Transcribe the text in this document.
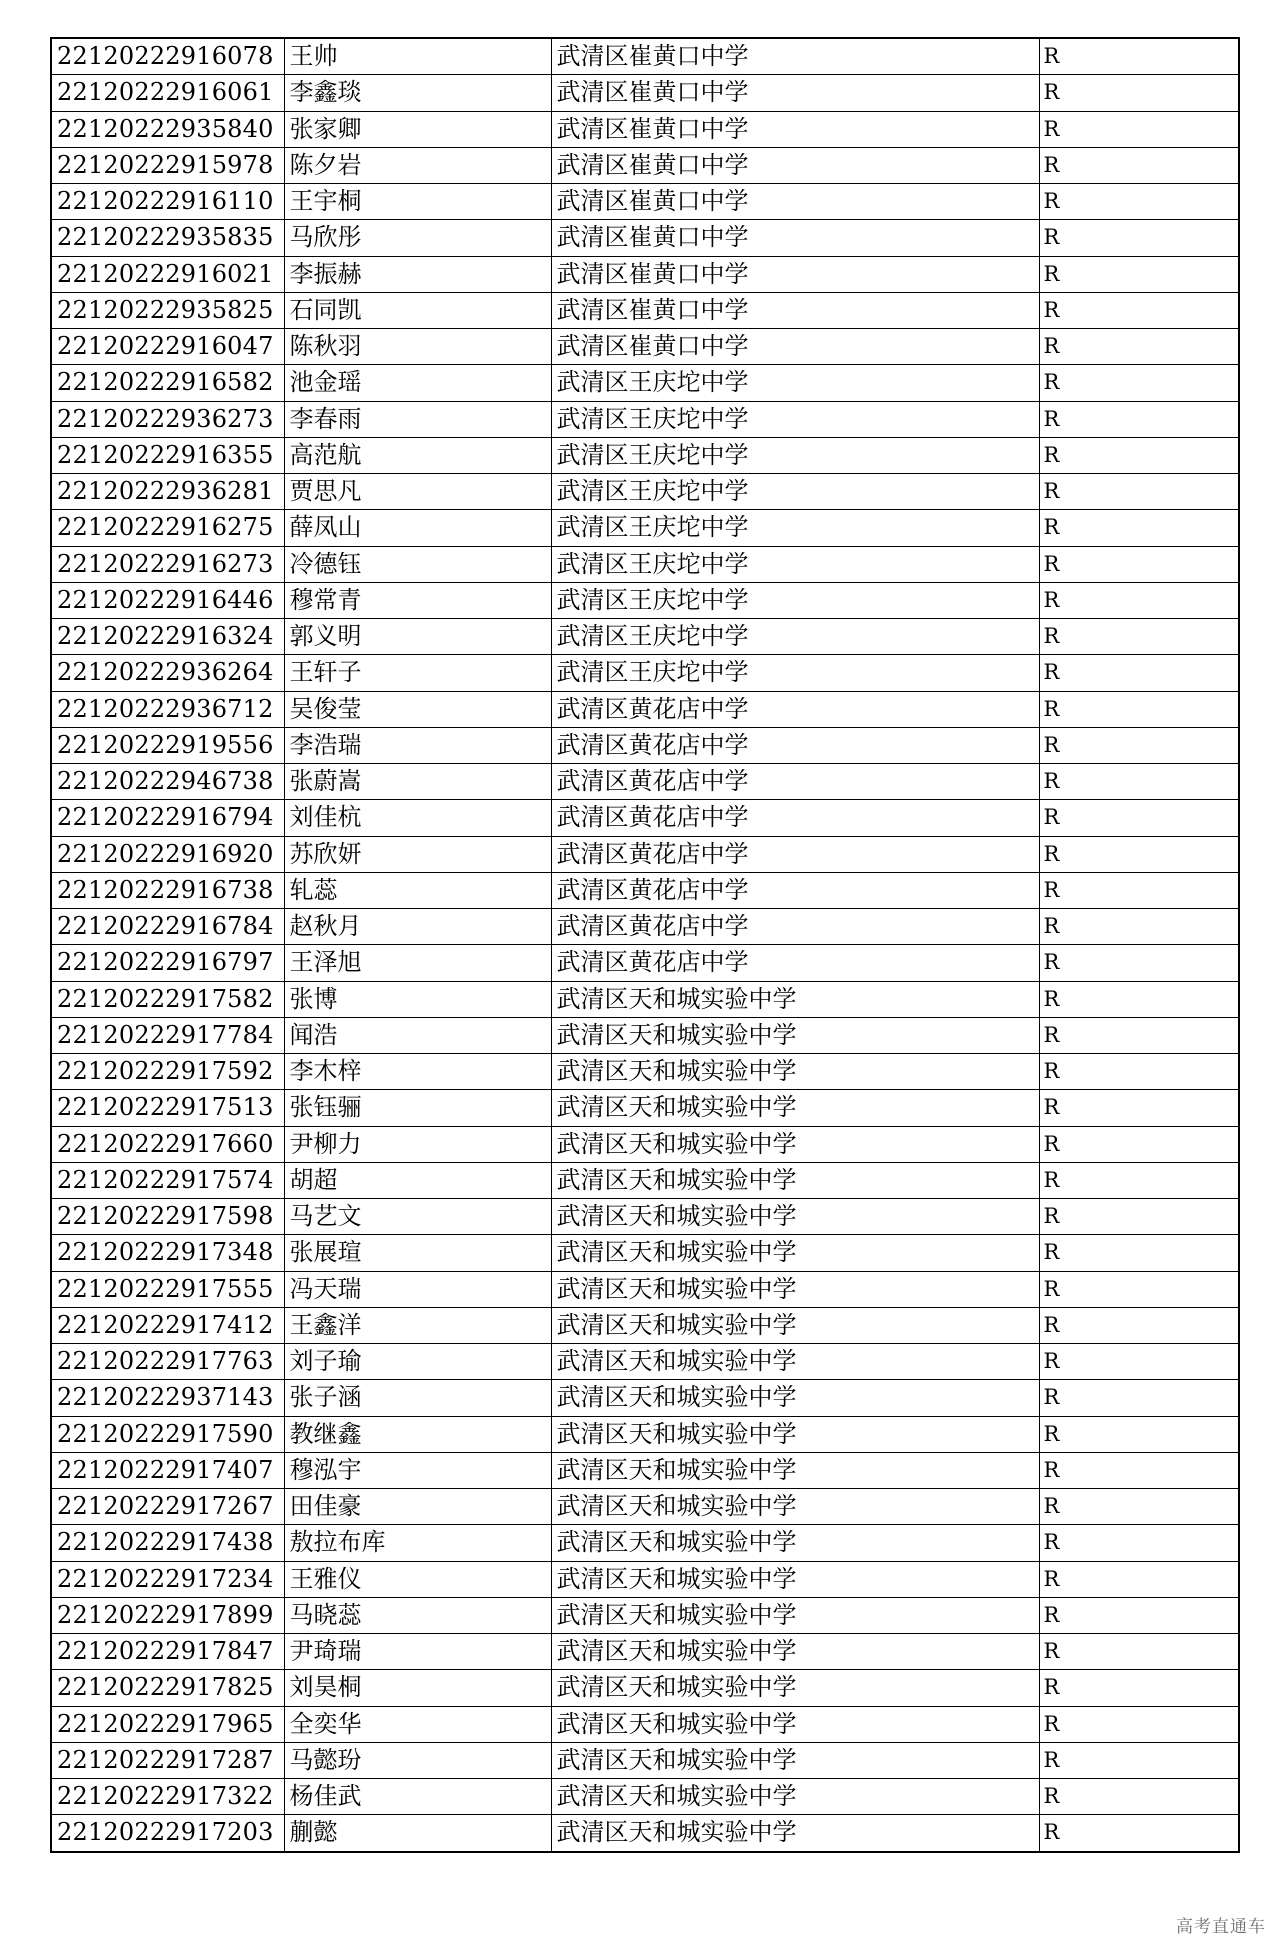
22120222916078	王帅	武清区崔黄口中学	R
22120222916061	李鑫琰	武清区崔黄口中学	R
22120222935840	张家卿	武清区崔黄口中学	R
22120222915978	陈夕岩	武清区崔黄口中学	R
22120222916110	王宇桐	武清区崔黄口中学	R
22120222935835	马欣彤	武清区崔黄口中学	R
22120222916021	李振赫	武清区崔黄口中学	R
22120222935825	石同凯	武清区崔黄口中学	R
22120222916047	陈秋羽	武清区崔黄口中学	R
22120222916582	池金瑶	武清区王庆坨中学	R
22120222936273	李春雨	武清区王庆坨中学	R
22120222916355	高范航	武清区王庆坨中学	R
22120222936281	贾思凡	武清区王庆坨中学	R
22120222916275	薛凤山	武清区王庆坨中学	R
22120222916273	冷德钰	武清区王庆坨中学	R
22120222916446	穆常青	武清区王庆坨中学	R
22120222916324	郭义明	武清区王庆坨中学	R
22120222936264	王轩子	武清区王庆坨中学	R
22120222936712	吴俊莹	武清区黄花店中学	R
22120222919556	李浩瑞	武清区黄花店中学	R
22120222946738	张蔚嵩	武清区黄花店中学	R
22120222916794	刘佳杭	武清区黄花店中学	R
22120222916920	苏欣妍	武清区黄花店中学	R
22120222916738	轧蕊	武清区黄花店中学	R
22120222916784	赵秋月	武清区黄花店中学	R
22120222916797	王泽旭	武清区黄花店中学	R
22120222917582	张博	武清区天和城实验中学	R
22120222917784	闻浩	武清区天和城实验中学	R
22120222917592	李木梓	武清区天和城实验中学	R
22120222917513	张钰骊	武清区天和城实验中学	R
22120222917660	尹柳力	武清区天和城实验中学	R
22120222917574	胡超	武清区天和城实验中学	R
22120222917598	马艺文	武清区天和城实验中学	R
22120222917348	张展瑄	武清区天和城实验中学	R
22120222917555	冯天瑞	武清区天和城实验中学	R
22120222917412	王鑫洋	武清区天和城实验中学	R
22120222917763	刘子瑜	武清区天和城实验中学	R
22120222937143	张子涵	武清区天和城实验中学	R
22120222917590	教继鑫	武清区天和城实验中学	R
22120222917407	穆泓宇	武清区天和城实验中学	R
22120222917267	田佳豪	武清区天和城实验中学	R
22120222917438	敖拉布库	武清区天和城实验中学	R
22120222917234	王雅仪	武清区天和城实验中学	R
22120222917899	马晓蕊	武清区天和城实验中学	R
22120222917847	尹琦瑞	武清区天和城实验中学	R
22120222917825	刘昊桐	武清区天和城实验中学	R
22120222917965	全奕华	武清区天和城实验中学	R
22120222917287	马懿玢	武清区天和城实验中学	R
22120222917322	杨佳武	武清区天和城实验中学	R
22120222917203	蒯懿	武清区天和城实验中学	R
高考直通车
